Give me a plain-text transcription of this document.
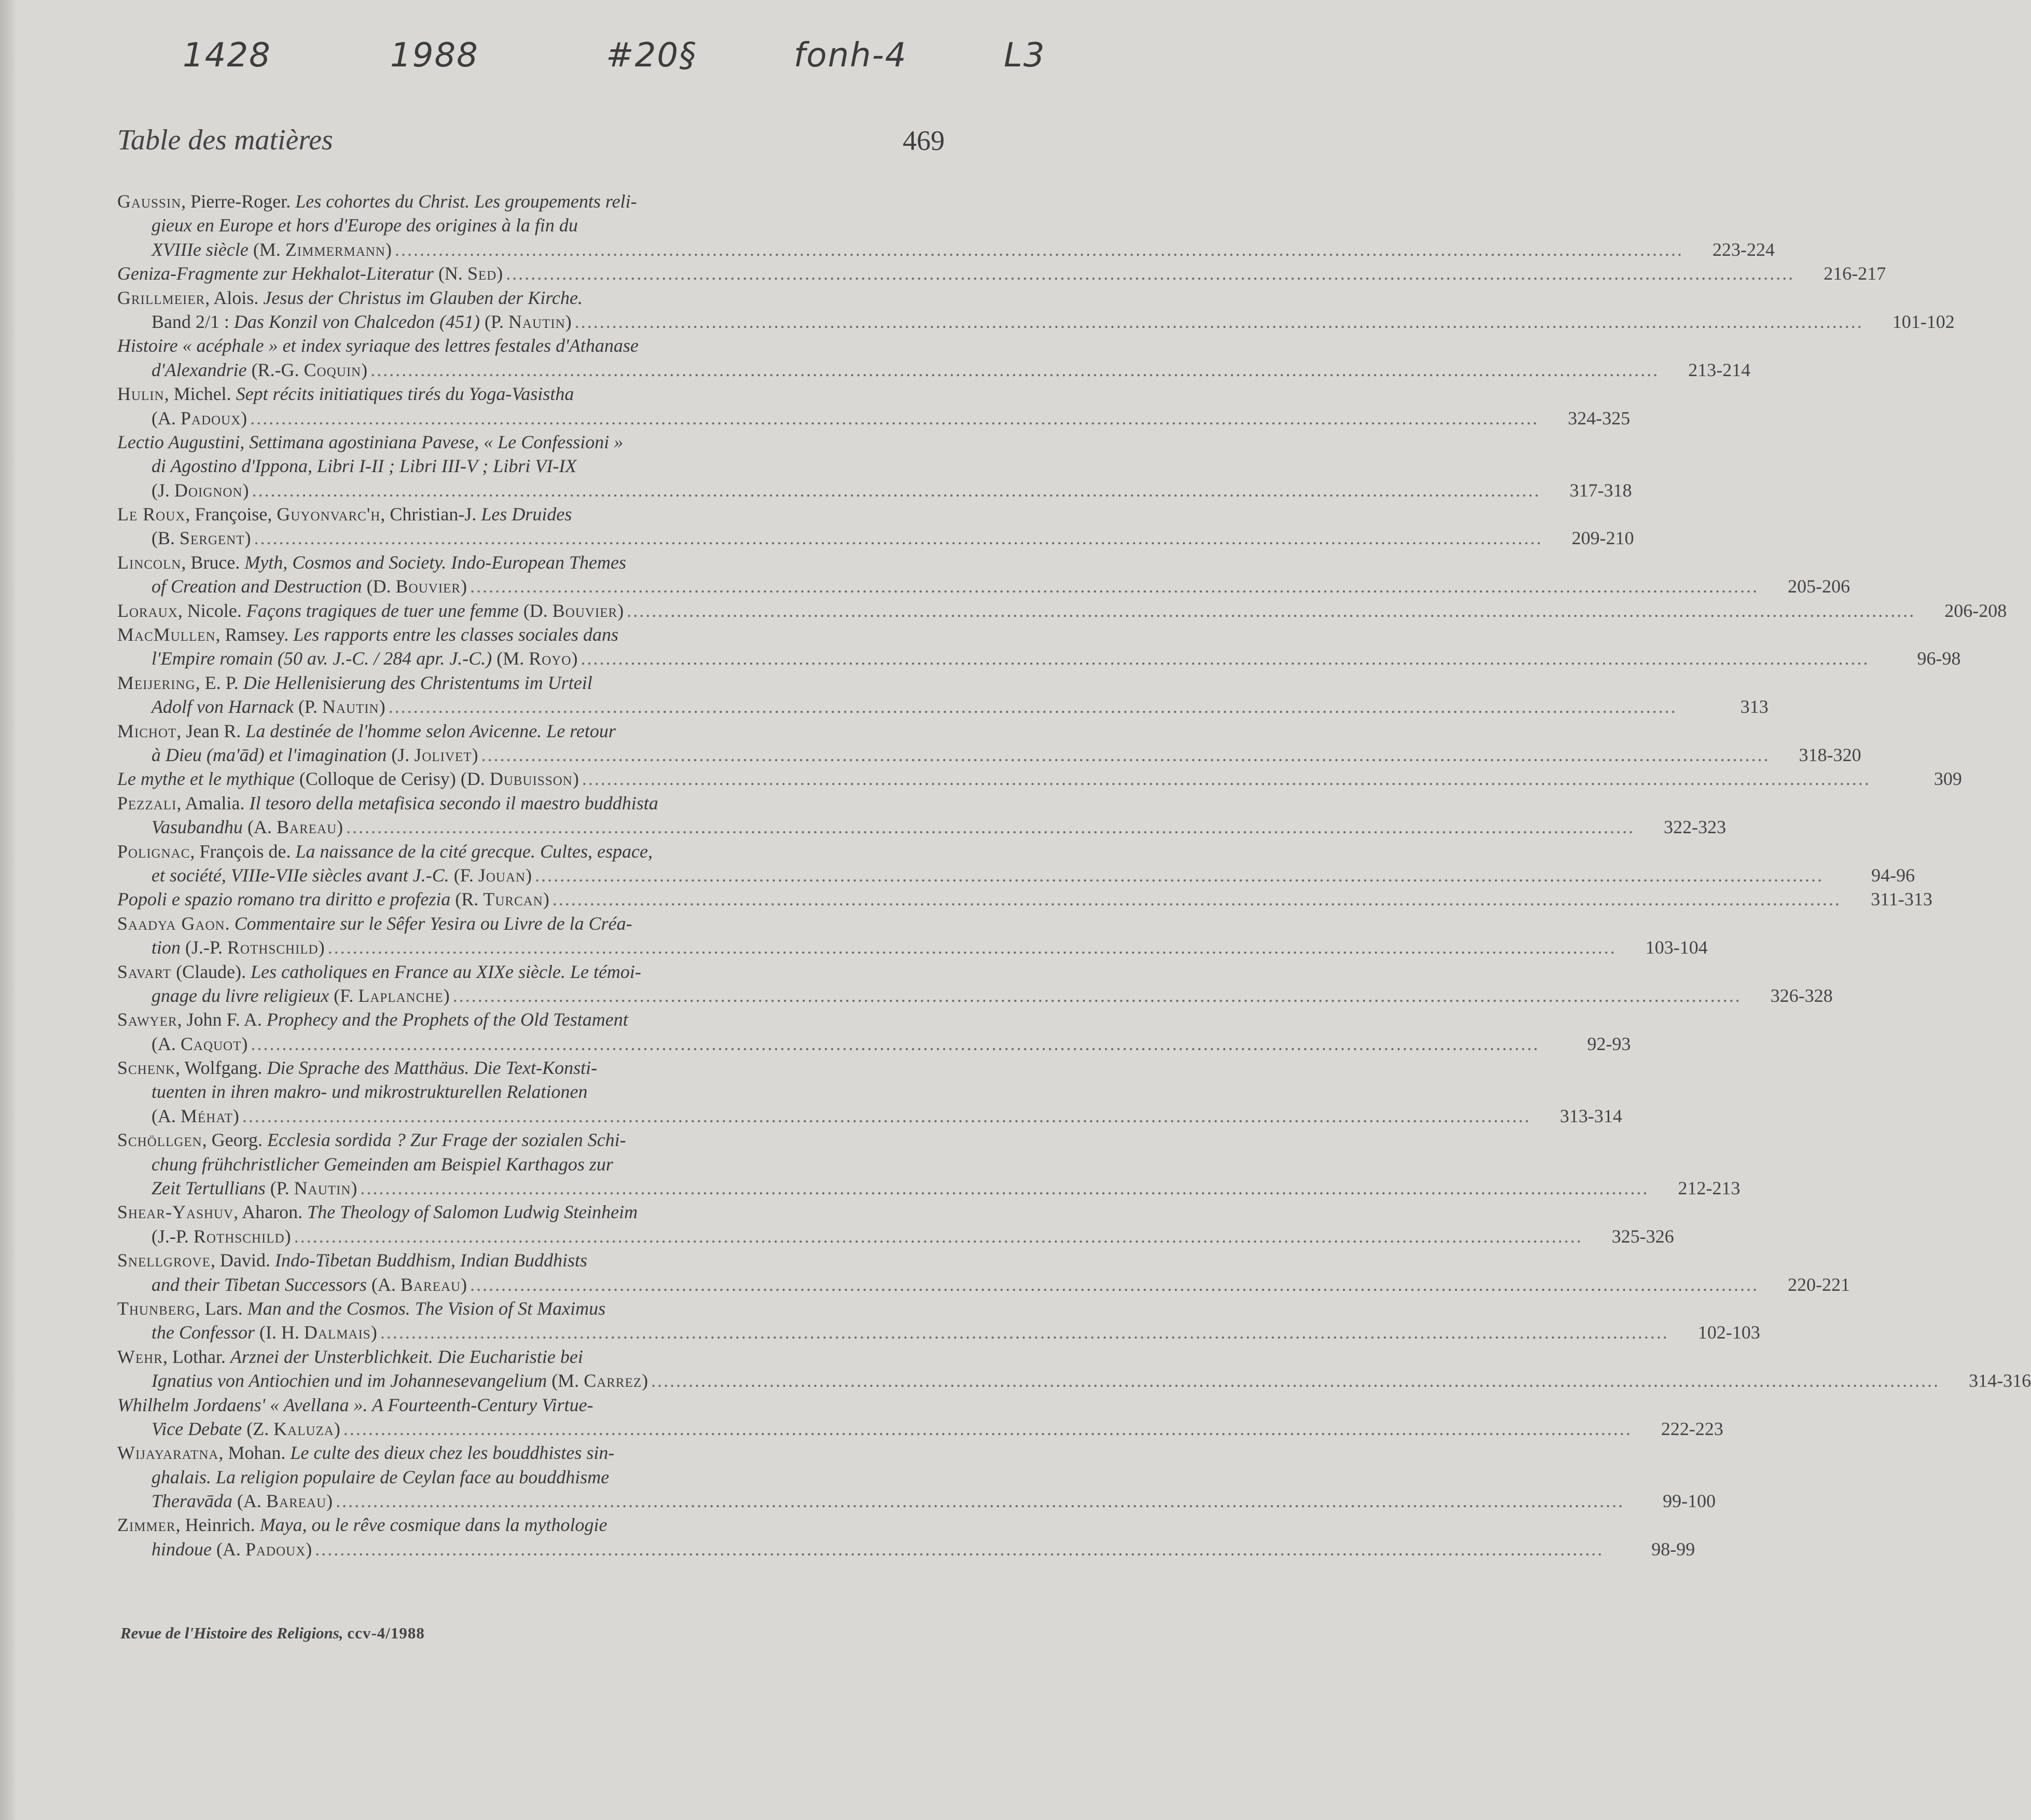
1428	1988	#20§	fonh-4	L3
Table des matières	469
Gaussin, Pierre-Roger. Les cohortes du Christ. Les groupements reli-
gieux en Europe et hors d'Europe des origines à la fin du
XVIIIe siècle (M. Zimmermann) .....	223-224
Geniza-Fragmente zur Hekhalot-Literatur (N. Sed) .....	216-217
Grillmeier, Alois. Jesus der Christus im Glauben der Kirche.
Band 2/1 : Das Konzil von Chalcedon (451) (P. Nautin) .....	101-102
Histoire « acéphale » et index syriaque des lettres festales d'Athanase
d'Alexandrie (R.-G. Coquin) .....	213-214
Hulin, Michel. Sept récits initiatiques tirés du Yoga-Vasistha
(A. Padoux) .....	324-325
Lectio Augustini, Settimana agostiniana Pavese, « Le Confessioni »
di Agostino d'Ippona, Libri I-II ; Libri III-V ; Libri VI-IX
(J. Doignon) .....	317-318
Le Roux, Françoise, Guyonvarc'h, Christian-J. Les Druides
(B. Sergent) .....	209-210
Lincoln, Bruce. Myth, Cosmos and Society. Indo-European Themes
of Creation and Destruction (D. Bouvier) .....	205-206
Loraux, Nicole. Façons tragiques de tuer une femme (D. Bouvier) .....	206-208
MacMullen, Ramsey. Les rapports entre les classes sociales dans
l'Empire romain (50 av. J.-C. / 284 apr. J.-C.) (M. Royo) .....	96-98
Meijering, E. P. Die Hellenisierung des Christentums im Urteil
Adolf von Harnack (P. Nautin) .....	313
Michot, Jean R. La destinée de l'homme selon Avicenne. Le retour
à Dieu (ma'ād) et l'imagination (J. Jolivet) .....	318-320
Le mythe et le mythique (Colloque de Cerisy) (D. Dubuisson) .....	309
Pezzali, Amalia. Il tesoro della metafisica secondo il maestro buddhista
Vasubandhu (A. Bareau) .....	322-323
Polignac, François de. La naissance de la cité grecque. Cultes, espace,
et société, VIIIe-VIIe siècles avant J.-C. (F. Jouan) .....	94-96
Popoli e spazio romano tra diritto e profezia (R. Turcan) .....	311-313
Saadya Gaon. Commentaire sur le Sêfer Yesira ou Livre de la Créa-
tion (J.-P. Rothschild) .....	103-104
Savart (Claude). Les catholiques en France au XIXe siècle. Le témoi-
gnage du livre religieux (F. Laplanche) .....	326-328
Sawyer, John F. A. Prophecy and the Prophets of the Old Testament
(A. Caquot) .....	92-93
Schenk, Wolfgang. Die Sprache des Matthäus. Die Text-Konsti-
tuenten in ihren makro- und mikrostrukturellen Relationen
(A. Méhat) .....	313-314
Schöllgen, Georg. Ecclesia sordida ? Zur Frage der sozialen Schi-
chung frühchristlicher Gemeinden am Beispiel Karthagos zur
Zeit Tertullians (P. Nautin) .....	212-213
Shear-Yashuv, Aharon. The Theology of Salomon Ludwig Steinheim
(J.-P. Rothschild) .....	325-326
Snellgrove, David. Indo-Tibetan Buddhism, Indian Buddhists
and their Tibetan Successors (A. Bareau) .....	220-221
Thunberg, Lars. Man and the Cosmos. The Vision of St Maximus
the Confessor (I. H. Dalmais) .....	102-103
Wehr, Lothar. Arznei der Unsterblichkeit. Die Eucharistie bei
Ignatius von Antiochien und im Johannesevangelium (M. Carrez) .....	314-316
Whilhelm Jordaens' « Avellana ». A Fourteenth-Century Virtue-
Vice Debate (Z. Kaluza) .....	222-223
Wijayaratna, Mohan. Le culte des dieux chez les bouddhistes sin-
ghalais. La religion populaire de Ceylan face au bouddhisme
Theravāda (A. Bareau) .....	99-100
Zimmer, Heinrich. Maya, ou le rêve cosmique dans la mythologie
hindoue (A. Padoux) .....	98-99
Revue de l'Histoire des Religions, ccv-4/1988
